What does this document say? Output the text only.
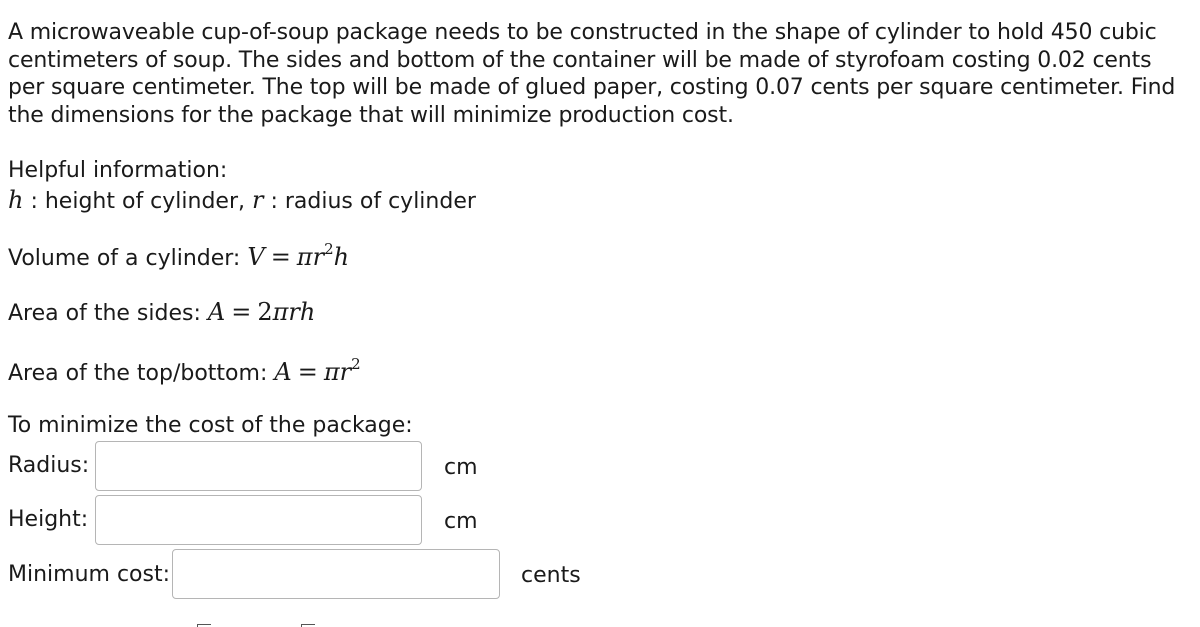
A microwaveable cup-of-soup package needs to be constructed in the shape of cylinder to hold 450 cubic centimeters of soup. The sides and bottom of the container will be made of styrofoam costing 0.02 cents per square centimeter. The top will be made of glued paper, costing 0.07 cents per square centimeter. Find the dimensions for the package that will minimize production cost.

Helpful information:
h : height of cylinder, r : radius of cylinder
Volume of a cylinder: $V = \pi r^2h$
Area of the sides: A = 2πrh
Area of the top/bottom: $A = \pi r^2$
To minimize the cost of the package:
Radius:	cm
Height:	cm
Minimum cost:	cents
